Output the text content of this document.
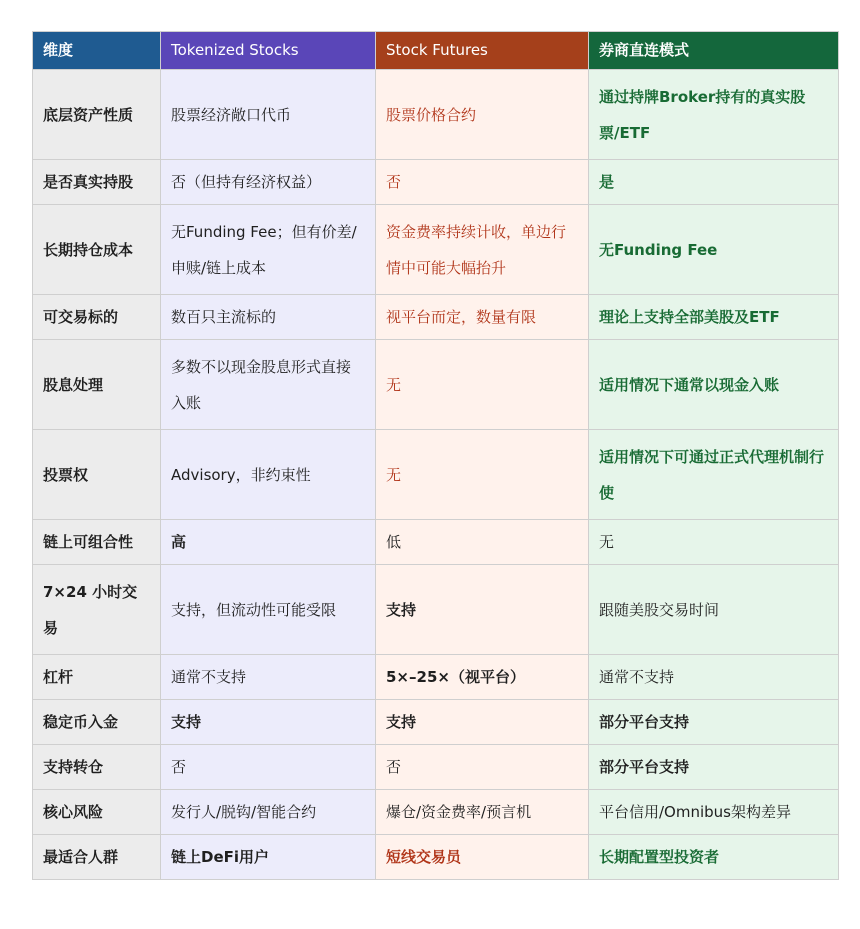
维度	Tokenized Stocks	Stock Futures	券商直连模式
底层资产性质	股票经济敞口代币	股票价格合约	通过持牌Broker持有的真实股票/ETF
是否真实持股	否（但持有经济权益）	否	是
长期持仓成本	无Funding Fee；但有价差/申赎/链上成本	资金费率持续计收，单边行情中可能大幅抬升	无Funding Fee
可交易标的	数百只主流标的	视平台而定，数量有限	理论上支持全部美股及ETF
股息处理	多数不以现金股息形式直接入账	无	适用情况下通常以现金入账
投票权	Advisory，非约束性	无	适用情况下可通过正式代理机制行使
链上可组合性	高	低	无
7×24 小时交易	支持，但流动性可能受限	支持	跟随美股交易时间
杠杆	通常不支持	5×–25×（视平台）	通常不支持
稳定币入金	支持	支持	部分平台支持
支持转仓	否	否	部分平台支持
核心风险	发行人/脱钩/智能合约	爆仓/资金费率/预言机	平台信用/Omnibus架构差异
最适合人群	链上DeFi用户	短线交易员	长期配置型投资者
